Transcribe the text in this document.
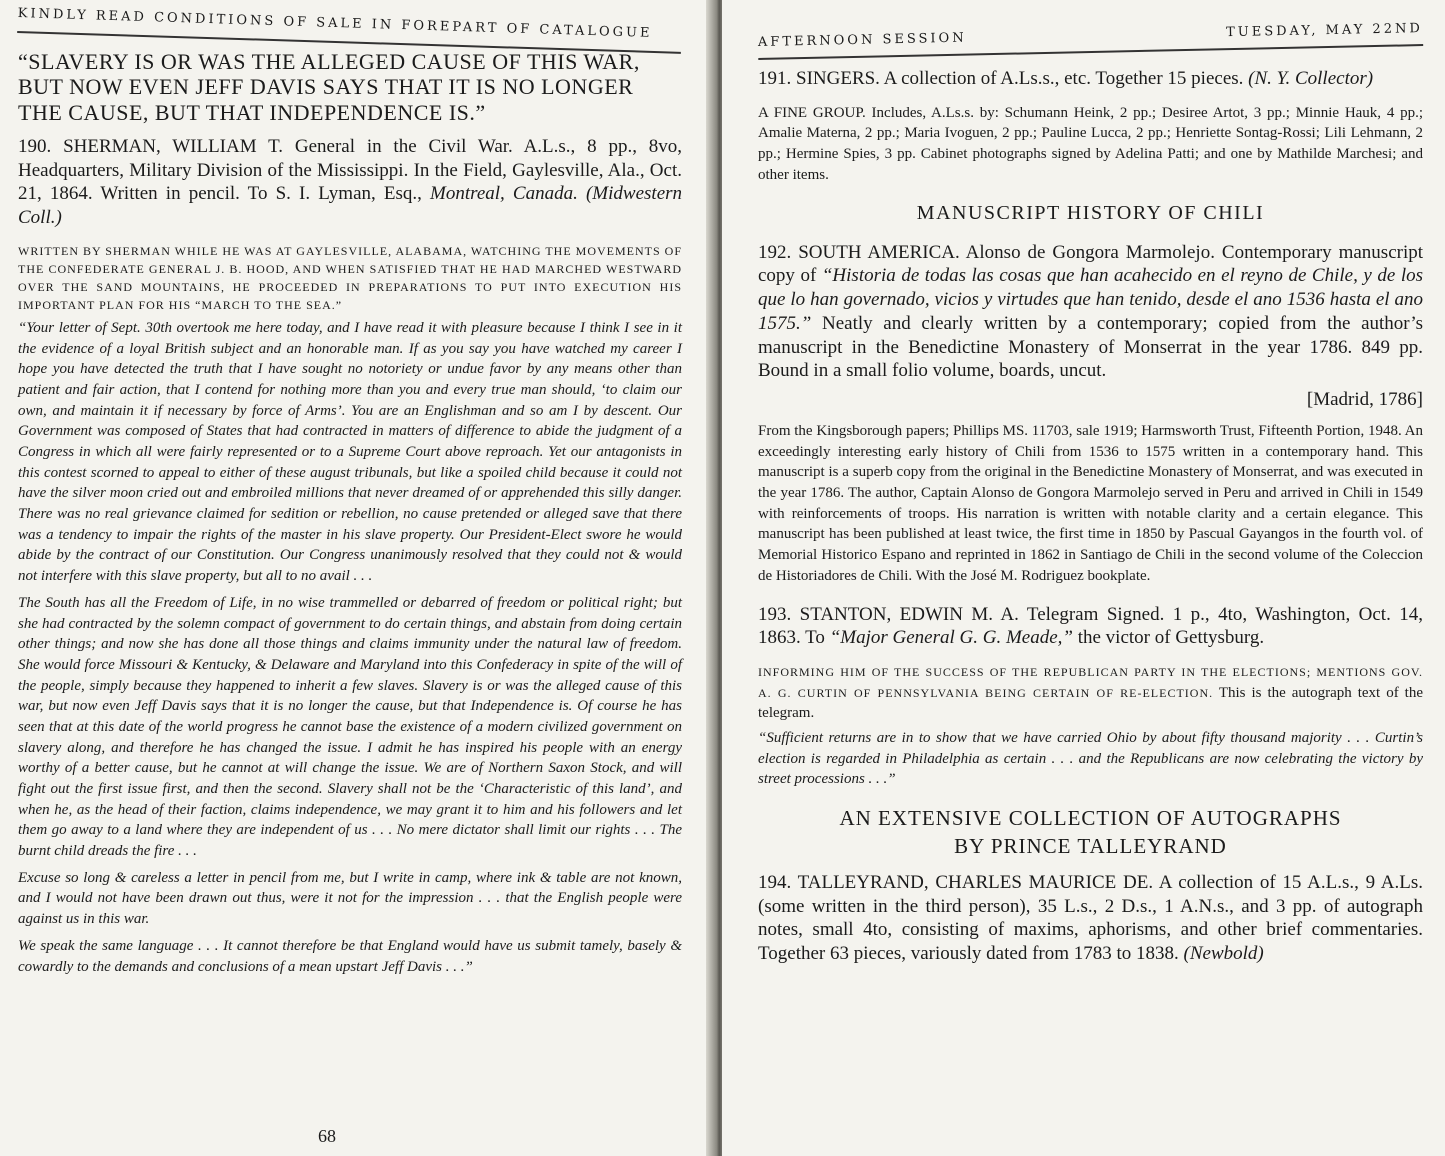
KINDLY READ CONDITIONS OF SALE IN FOREPART OF CATALOGUE

“SLAVERY IS OR WAS THE ALLEGED CAUSE OF THIS WAR, BUT NOW EVEN JEFF DAVIS SAYS THAT IT IS NO LONGER THE CAUSE, BUT THAT INDEPENDENCE IS.”

190. SHERMAN, WILLIAM T. General in the Civil War. A.L.s., 8 pp., 8vo, Headquarters, Military Division of the Mississippi. In the Field, Gaylesville, Ala., Oct. 21, 1864. Written in pencil. To S. I. Lyman, Esq., Montreal, Canada. (Midwestern Coll.)

WRITTEN BY SHERMAN WHILE HE WAS AT GAYLESVILLE, ALABAMA, WATCHING THE MOVEMENTS OF THE CONFEDERATE GENERAL J. B. HOOD, AND WHEN SATISFIED THAT HE HAD MARCHED WESTWARD OVER THE SAND MOUNTAINS, HE PROCEEDED IN PREPARATIONS TO PUT INTO EXECUTION HIS IMPORTANT PLAN FOR HIS “MARCH TO THE SEA.”

“Your letter of Sept. 30th overtook me here today, and I have read it with pleasure because I think I see in it the evidence of a loyal British subject and an honorable man. If as you say you have watched my career I hope you have detected the truth that I have sought no notoriety or undue favor by any means other than patient and fair action, that I contend for nothing more than you and every true man should, ‘to claim our own, and maintain it if necessary by force of Arms’. You are an Englishman and so am I by descent. Our Government was composed of States that had contracted in matters of difference to abide the judgment of a Congress in which all were fairly represented or to a Supreme Court above reproach. Yet our antagonists in this contest scorned to appeal to either of these august tribunals, but like a spoiled child because it could not have the silver moon cried out and embroiled millions that never dreamed of or apprehended this silly danger. There was no real grievance claimed for sedition or rebellion, no cause pretended or alleged save that there was a tendency to impair the rights of the master in his slave property. Our President-Elect swore he would abide by the contract of our Constitution. Our Congress unanimously resolved that they could not & would not interfere with this slave property, but all to no avail . . .

The South has all the Freedom of Life, in no wise trammelled or debarred of freedom or political right; but she had contracted by the solemn compact of government to do certain things, and abstain from doing certain other things; and now she has done all those things and claims immunity under the natural law of freedom. She would force Missouri & Kentucky, & Delaware and Maryland into this Confederacy in spite of the will of the people, simply because they happened to inherit a few slaves. Slavery is or was the alleged cause of this war, but now even Jeff Davis says that it is no longer the cause, but that Independence is. Of course he has seen that at this date of the world progress he cannot base the existence of a modern civilized government on slavery along, and therefore he has changed the issue. I admit he has inspired his people with an energy worthy of a better cause, but he cannot at will change the issue. We are of Northern Saxon Stock, and will fight out the first issue first, and then the second. Slavery shall not be the ‘Characteristic of this land’, and when he, as the head of their faction, claims independence, we may grant it to him and his followers and let them go away to a land where they are independent of us . . . No mere dictator shall limit our rights . . . The burnt child dreads the fire . . .

Excuse so long & careless a letter in pencil from me, but I write in camp, where ink & table are not known, and I would not have been drawn out thus, were it not for the impression . . . that the English people were against us in this war.

We speak the same language . . . It cannot therefore be that England would have us submit tamely, basely & cowardly to the demands and conclusions of a mean upstart Jeff Davis . . .”

68
AFTERNOON SESSION	TUESDAY, MAY 22ND

191. SINGERS. A collection of A.Ls.s., etc. Together 15 pieces. (N. Y. Collector)

A FINE GROUP. Includes, A.Ls.s. by: Schumann Heink, 2 pp.; Desiree Artot, 3 pp.; Minnie Hauk, 4 pp.; Amalie Materna, 2 pp.; Maria Ivoguen, 2 pp.; Pauline Lucca, 2 pp.; Henriette Sontag-Rossi; Lili Lehmann, 2 pp.; Hermine Spies, 3 pp. Cabinet photographs signed by Adelina Patti; and one by Mathilde Marchesi; and other items.

MANUSCRIPT HISTORY OF CHILI

192. SOUTH AMERICA. Alonso de Gongora Marmolejo. Contemporary manuscript copy of “Historia de todas las cosas que han acahecido en el reyno de Chile, y de los que lo han governado, vicios y virtudes que han tenido, desde el ano 1536 hasta el ano 1575.” Neatly and clearly written by a contemporary; copied from the author’s manuscript in the Benedictine Monastery of Monserrat in the year 1786. 849 pp. Bound in a small folio volume, boards, uncut.

[Madrid, 1786]

From the Kingsborough papers; Phillips MS. 11703, sale 1919; Harmsworth Trust, Fifteenth Portion, 1948. An exceedingly interesting early history of Chili from 1536 to 1575 written in a contemporary hand. This manuscript is a superb copy from the original in the Benedictine Monastery of Monserrat, and was executed in the year 1786. The author, Captain Alonso de Gongora Marmolejo served in Peru and arrived in Chili in 1549 with reinforcements of troops. His narration is written with notable clarity and a certain elegance. This manuscript has been published at least twice, the first time in 1850 by Pascual Gayangos in the fourth vol. of Memorial Historico Espano and reprinted in 1862 in Santiago de Chili in the second volume of the Coleccion de Historiadores de Chili. With the José M. Rodriguez bookplate.

193. STANTON, EDWIN M. A. Telegram Signed. 1 p., 4to, Washington, Oct. 14, 1863. To “Major General G. G. Meade,” the victor of Gettysburg.

INFORMING HIM OF THE SUCCESS OF THE REPUBLICAN PARTY IN THE ELECTIONS; MENTIONS GOV. A. G. CURTIN OF PENNSYLVANIA BEING CERTAIN OF RE-ELECTION. This is the autograph text of the telegram.

“Sufficient returns are in to show that we have carried Ohio by about fifty thousand majority . . . Curtin’s election is regarded in Philadelphia as certain . . . and the Republicans are now celebrating the victory by street processions . . .”

AN EXTENSIVE COLLECTION OF AUTOGRAPHS
BY PRINCE TALLEYRAND

194. TALLEYRAND, CHARLES MAURICE DE. A collection of 15 A.L.s., 9 A.Ls. (some written in the third person), 35 L.s., 2 D.s., 1 A.N.s., and 3 pp. of autograph notes, small 4to, consisting of maxims, aphorisms, and other brief commentaries. Together 63 pieces, variously dated from 1783 to 1838. (Newbold)
